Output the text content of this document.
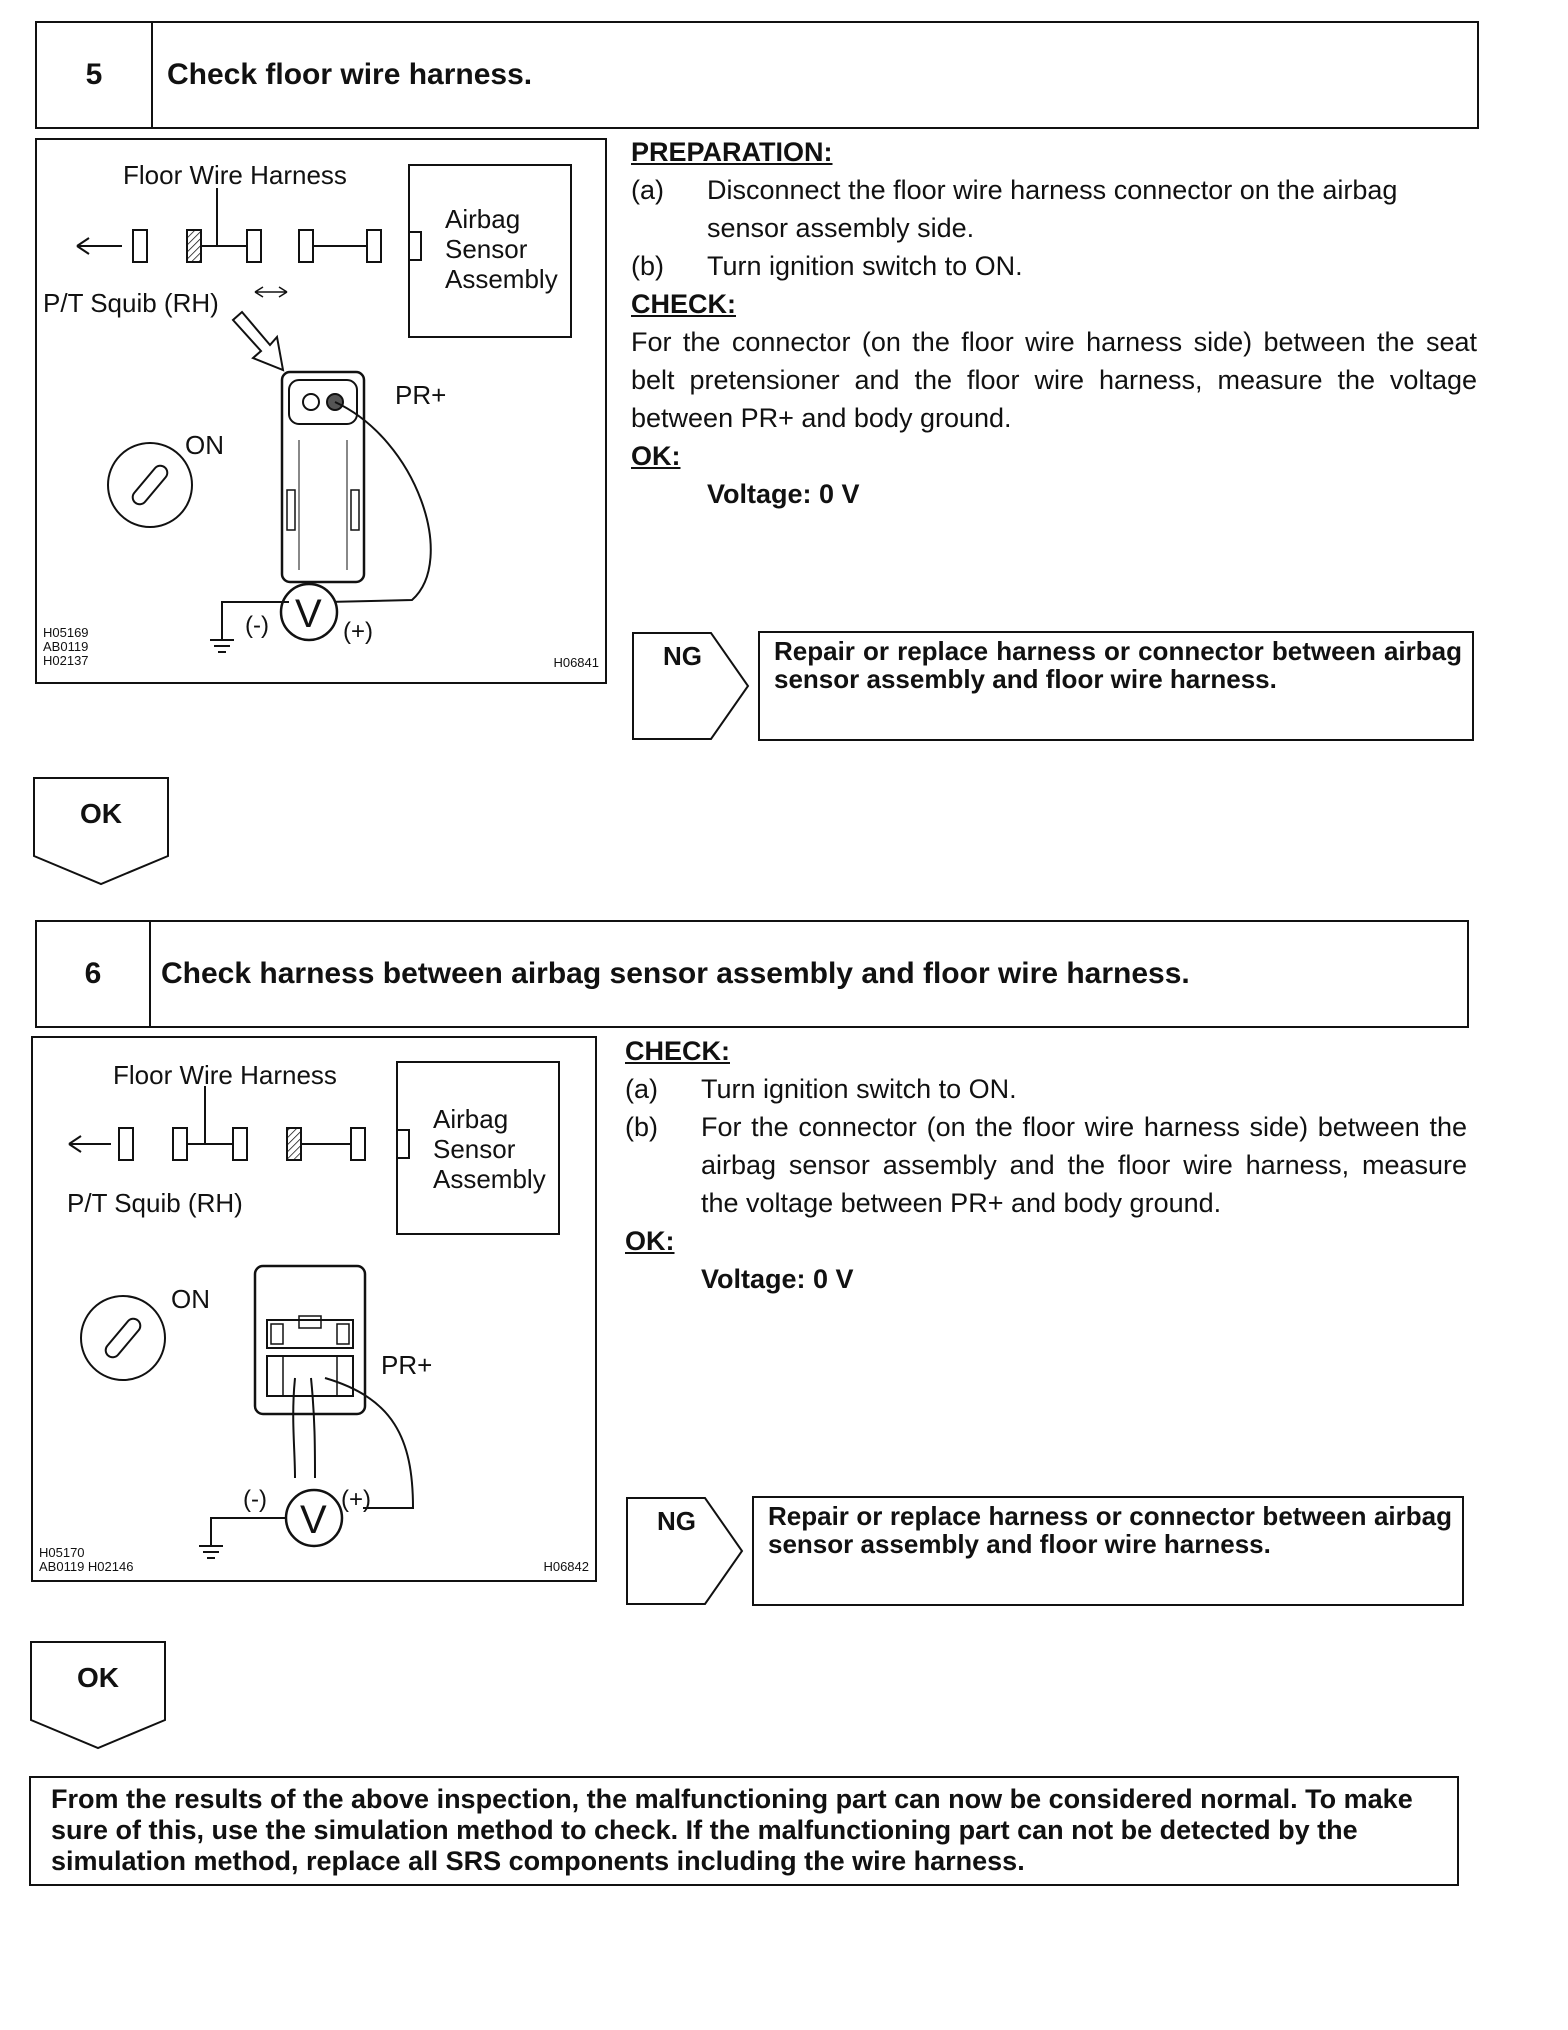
5	Check floor wire harness.
Floor Wire Harness
Airbag
Sensor
Assembly
P/T Squib (RH)
PR+
ON
(-)	(+)
V
H05169
AB0119
H02137	H06841
PREPARATION:
(a) Disconnect the floor wire harness connector on the airbag sensor assembly side.
(b) Turn ignition switch to ON.
CHECK:
For the connector (on the floor wire harness side) between the seat belt pretensioner and the floor wire harness, measure the voltage between PR+ and body ground.
OK:
Voltage: 0 V
NG	Repair or replace harness or connector between airbag sensor assembly and floor wire harness.
OK
6	Check harness between airbag sensor assembly and floor wire harness.
Floor Wire Harness
Airbag
Sensor
Assembly
P/T Squib (RH)
PR+
ON
(-)	(+)
V
H05170
AB0119 H02146	H06842
CHECK:
(a) Turn ignition switch to ON.
(b) For the connector (on the floor wire harness side) between the airbag sensor assembly and the floor wire harness, measure the voltage between PR+ and body ground.
OK:
Voltage: 0 V
NG	Repair or replace harness or connector between airbag sensor assembly and floor wire harness.
OK
From the results of the above inspection, the malfunctioning part can now be considered normal. To make sure of this, use the simulation method to check. If the malfunctioning part can not be detected by the simulation method, replace all SRS components including the wire harness.
